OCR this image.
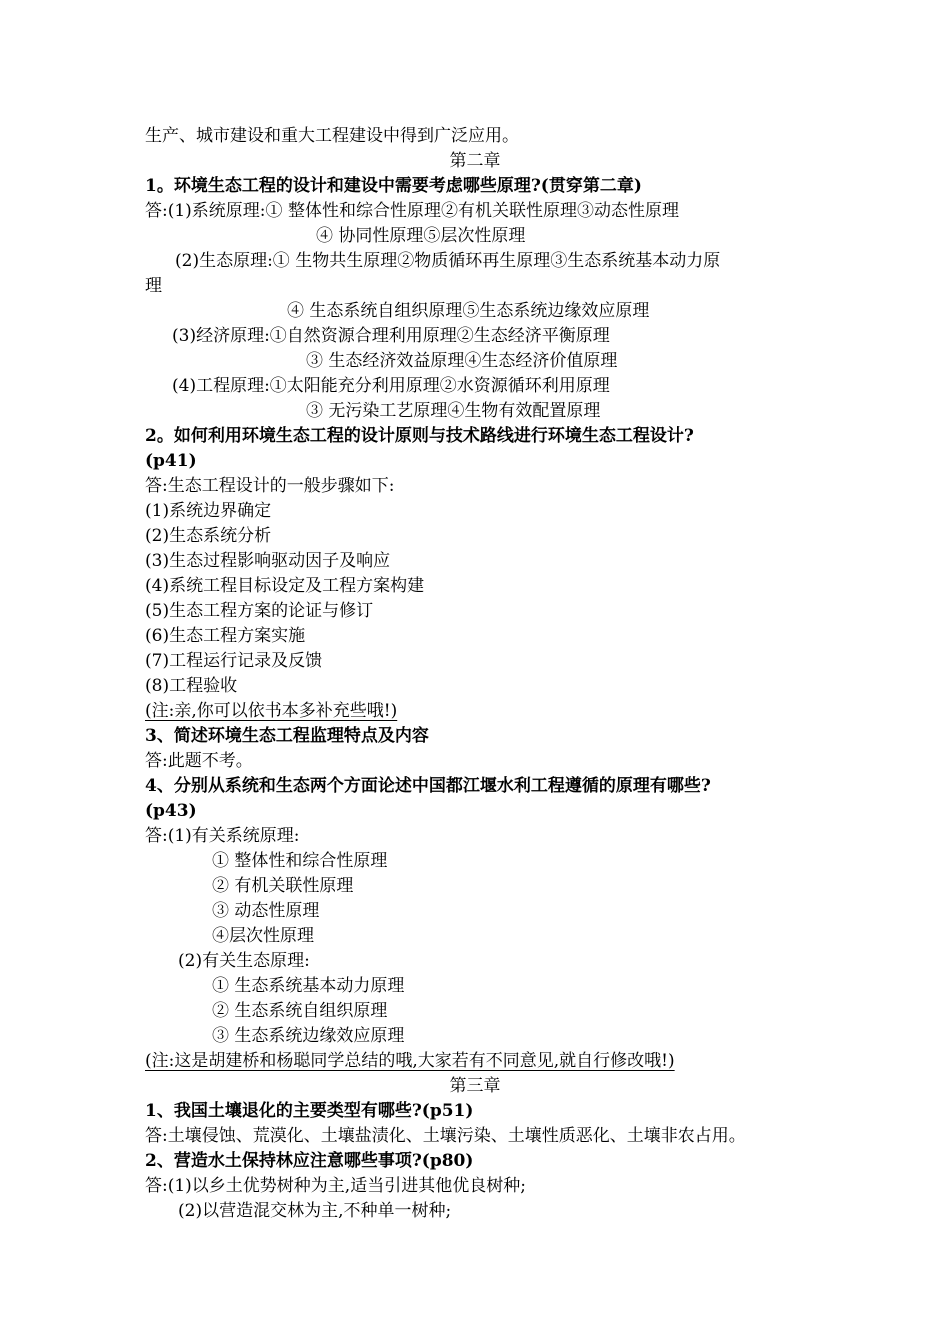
生产、城市建设和重大工程建设中得到广泛应用。
第二章
1。环境生态工程的设计和建设中需要考虑哪些原理?(贯穿第二章)
答:(1)系统原理:① 整体性和综合性原理②有机关联性原理③动态性原理
④ 协同性原理⑤层次性原理
(2)生态原理:① 生物共生原理②物质循环再生原理③生态系统基本动力原
理
④ 生态系统自组织原理⑤生态系统边缘效应原理
(3)经济原理:①自然资源合理利用原理②生态经济平衡原理
③ 生态经济效益原理④生态经济价值原理
(4)工程原理:①太阳能充分利用原理②水资源循环利用原理
③ 无污染工艺原理④生物有效配置原理
2。如何利用环境生态工程的设计原则与技术路线进行环境生态工程设计?
(p41)
答:生态工程设计的一般步骤如下:
(1)系统边界确定
(2)生态系统分析
(3)生态过程影响驱动因子及响应
(4)系统工程目标设定及工程方案构建
(5)生态工程方案的论证与修订
(6)生态工程方案实施
(7)工程运行记录及反馈
(8)工程验收
(注:亲,你可以依书本多补充些哦!)
3、简述环境生态工程监理特点及内容
答:此题不考。
4、分别从系统和生态两个方面论述中国都江堰水利工程遵循的原理有哪些?
(p43)
答:(1)有关系统原理:
① 整体性和综合性原理
② 有机关联性原理
③ 动态性原理
④层次性原理
(2)有关生态原理:
① 生态系统基本动力原理
② 生态系统自组织原理
③ 生态系统边缘效应原理
(注:这是胡建桥和杨聪同学总结的哦,大家若有不同意见,就自行修改哦!)
第三章
1、我国土壤退化的主要类型有哪些?(p51)
答:土壤侵蚀、荒漠化、土壤盐渍化、土壤污染、土壤性质恶化、土壤非农占用。
2、营造水土保持林应注意哪些事项?(p80)
答:(1)以乡土优势树种为主,适当引进其他优良树种;
(2)以营造混交林为主,不种单一树种;
